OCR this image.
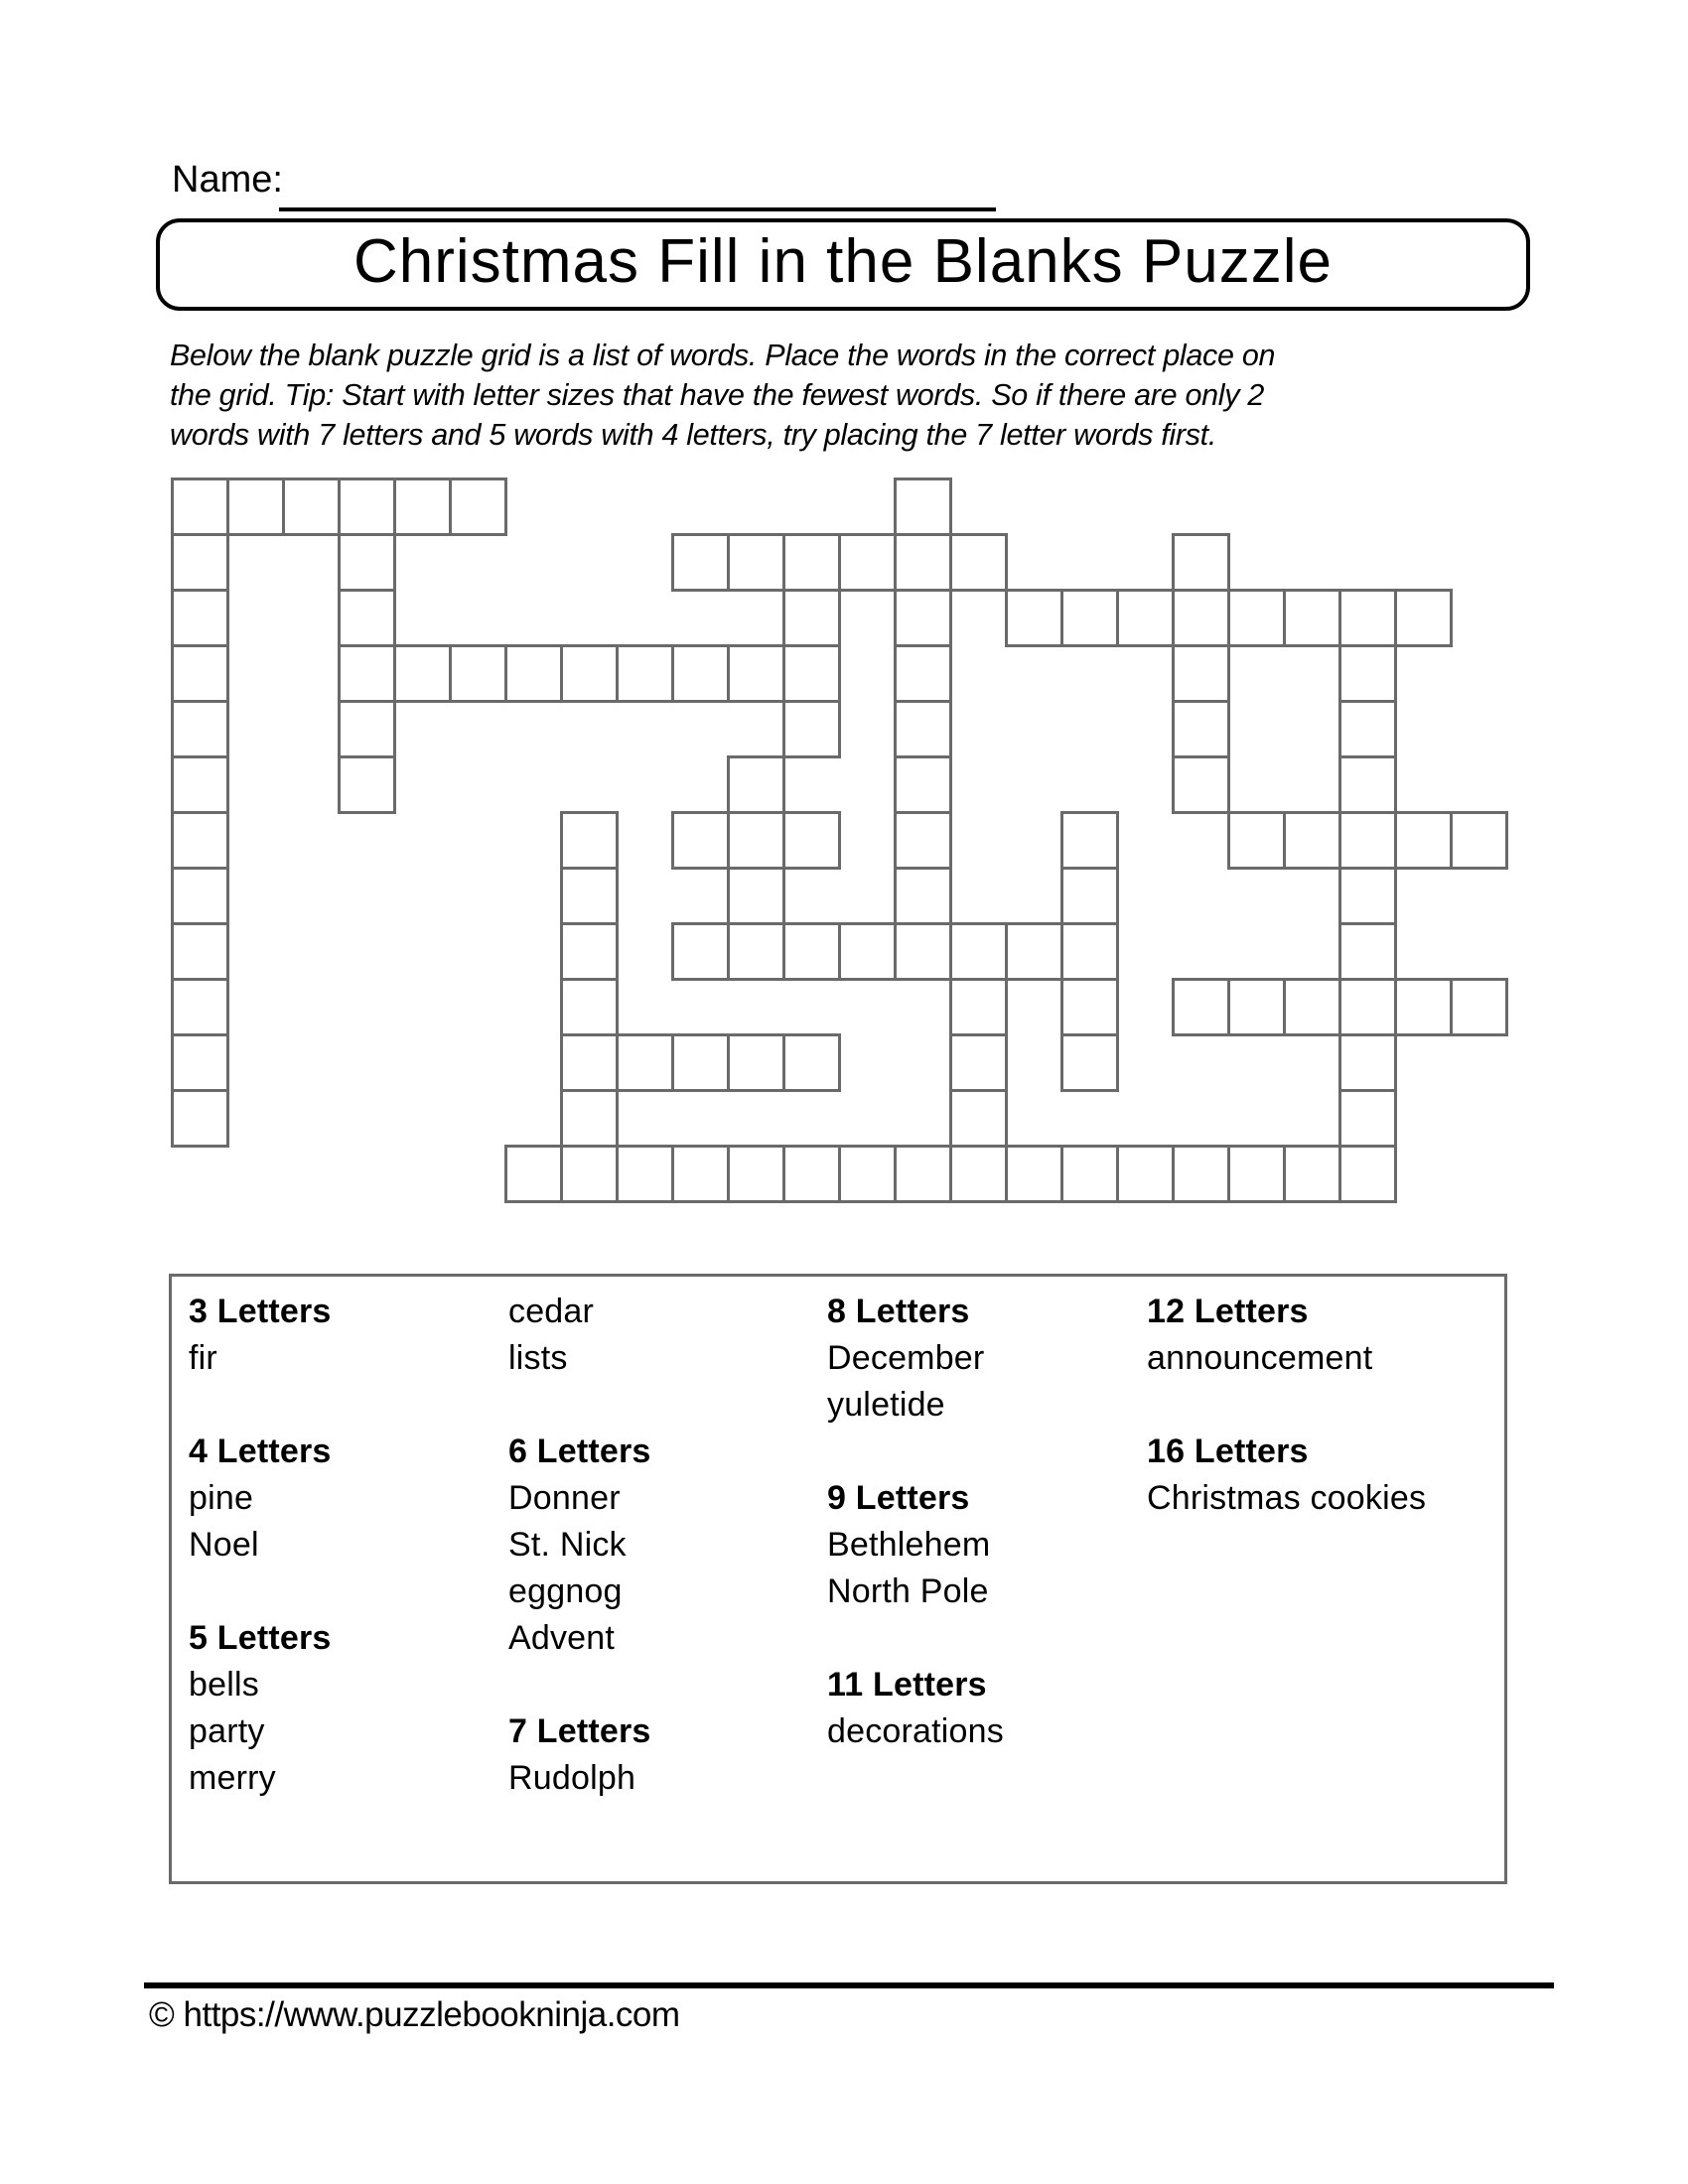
Name:
Christmas Fill in the Blanks Puzzle
Below the blank puzzle grid is a list of words. Place the words in the correct place on
the grid. Tip: Start with letter sizes that have the fewest words. So if there are only 2
words with 7 letters and 5 words with 4 letters, try placing the 7 letter words first.
3 Letters
fir
4 Letters
pine
Noel
5 Letters
bells
party
merry
cedar
lists
6 Letters
Donner
St. Nick
eggnog
Advent
7 Letters
Rudolph
8 Letters
December
yuletide
9 Letters
Bethlehem
North Pole
11 Letters
decorations
12 Letters
announcement
16 Letters
Christmas cookies
© https://www.puzzlebookninja.com
